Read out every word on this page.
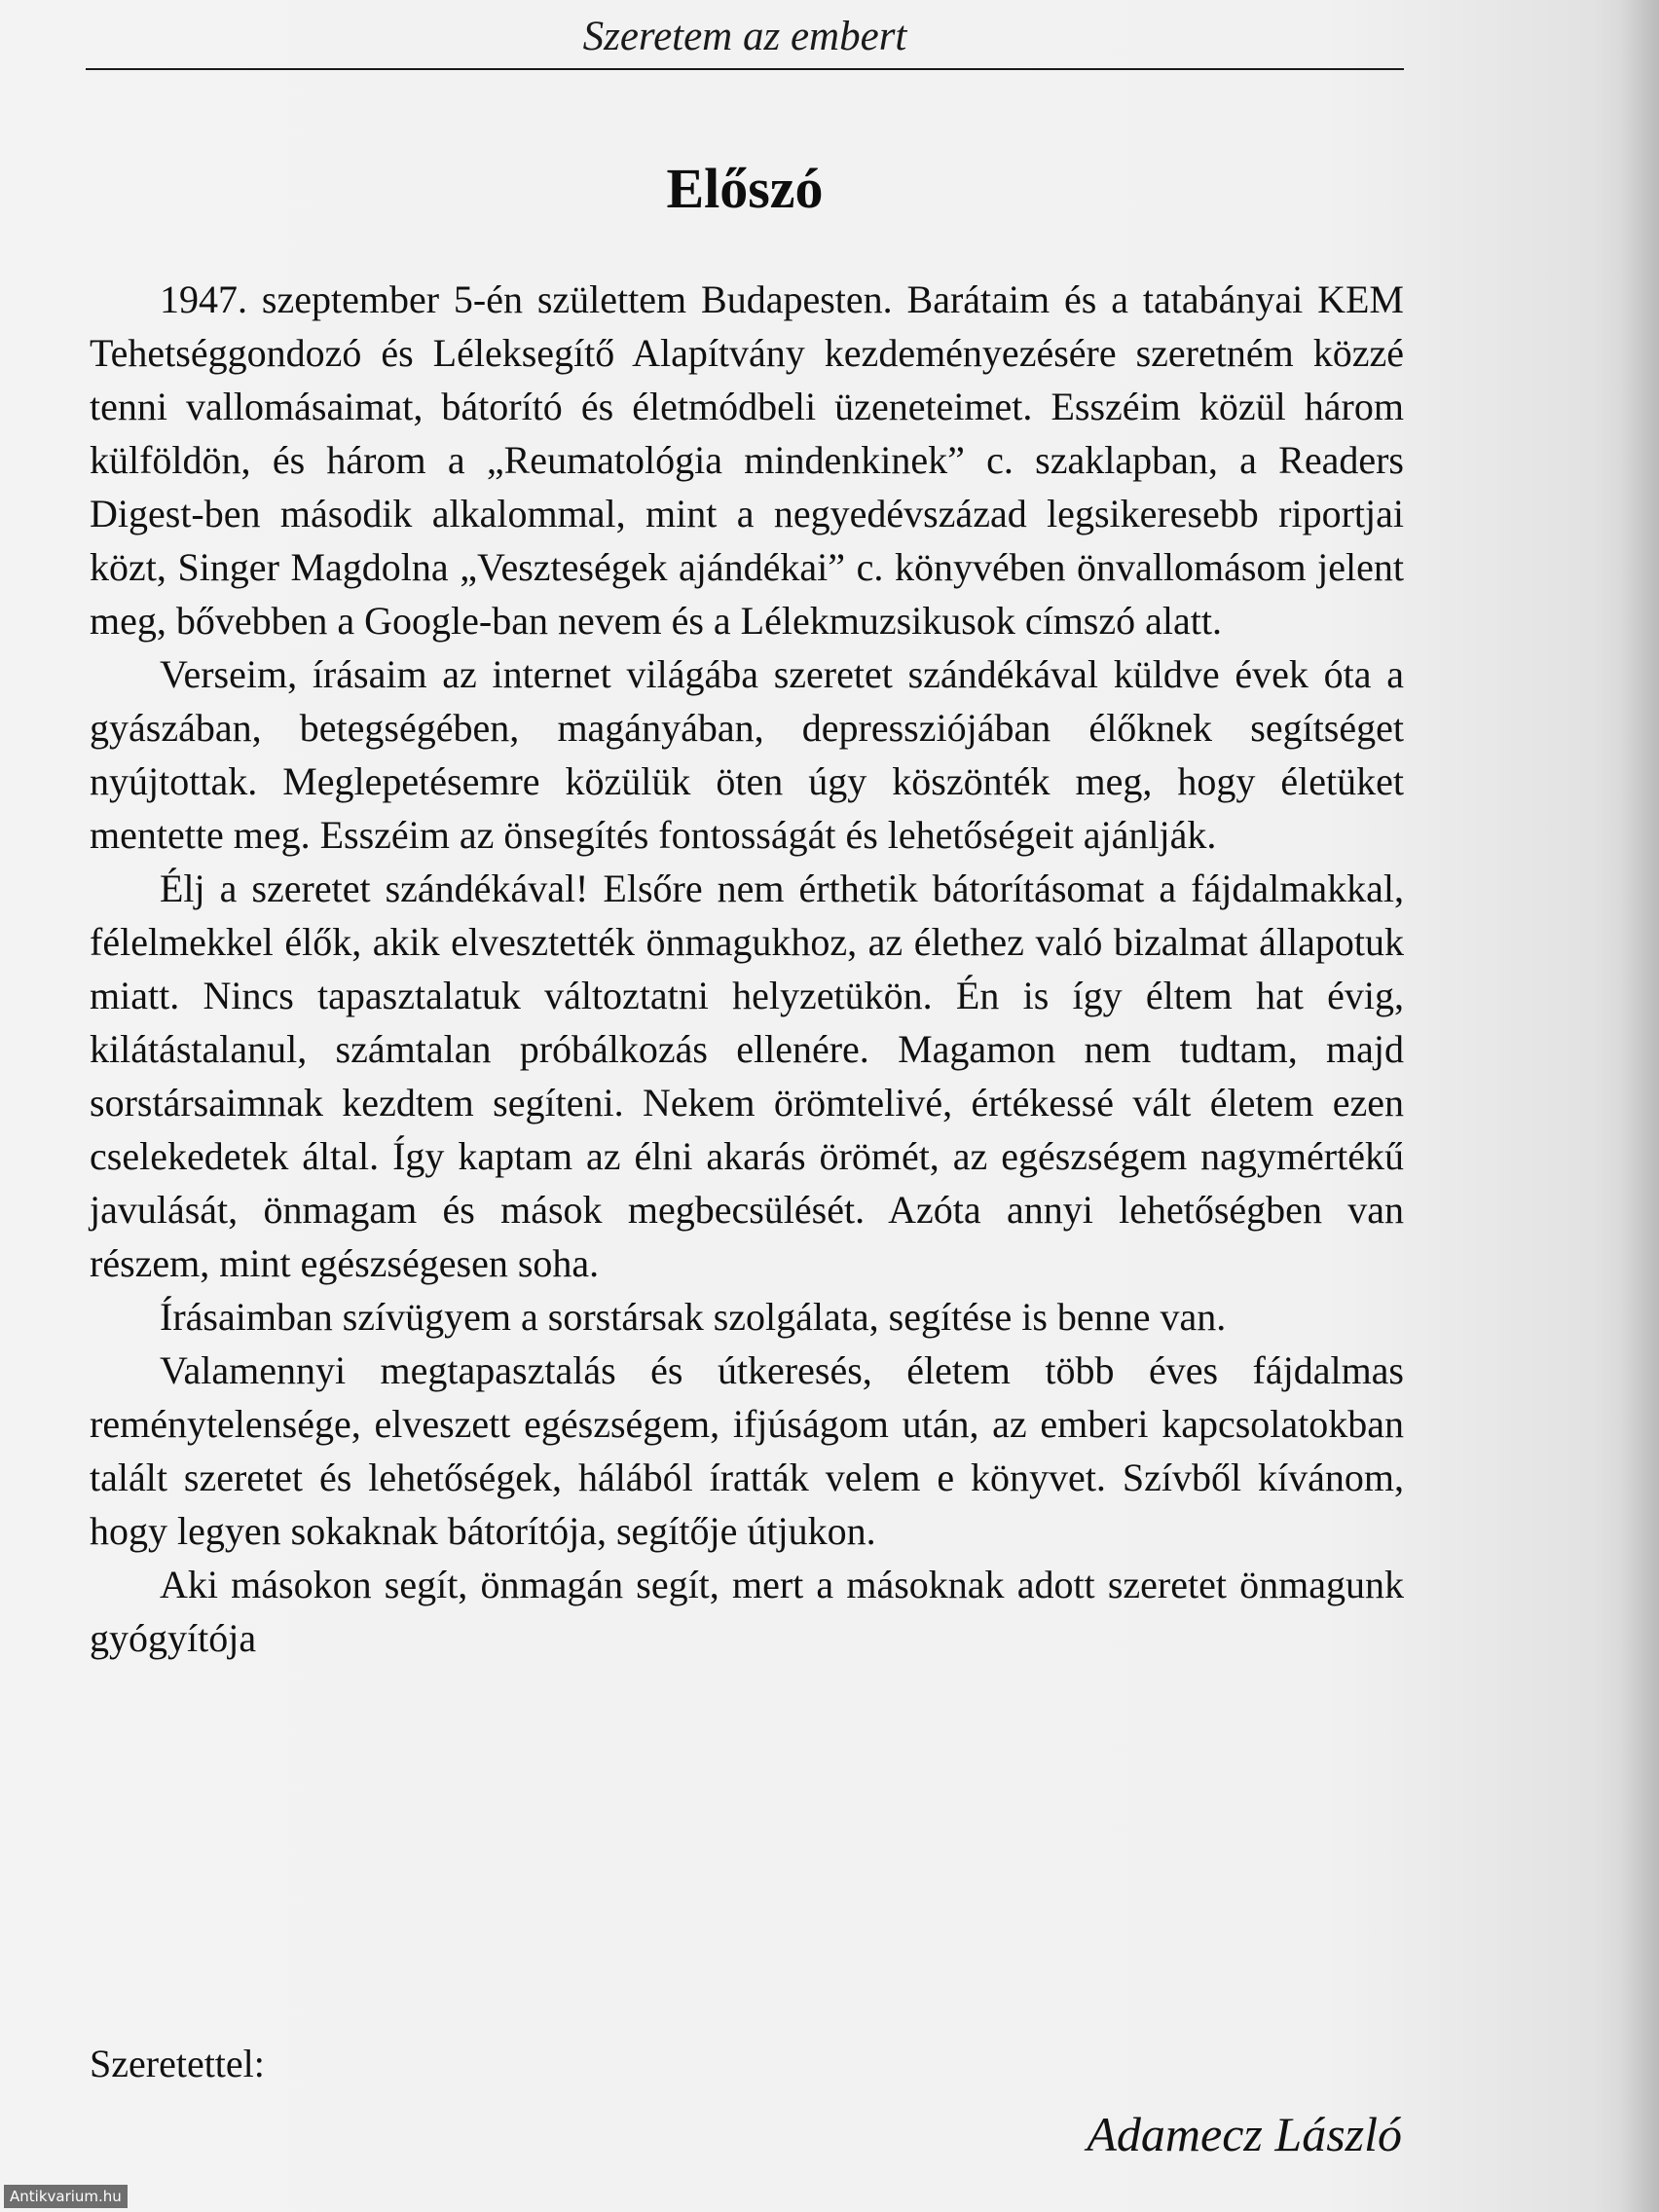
Szeretem az embert
Előszó

1947. szeptember 5-én születtem Budapesten. Barátaim és a tatabányai KEM Tehetséggondozó és Léleksegítő Alapítvány kezdeményezésére szeretném közzé tenni vallomásaimat, bátorító és életmódbeli üzeneteimet. Esszéim közül három külföldön, és három a „Reumatológia mindenkinek” c. szaklapban, a Readers Digest-ben második alkalommal, mint a negyedévszázad legsikeresebb riportjai közt, Singer Magdolna „Veszteségek ajándékai” c. könyvében önvallomásom jelent meg, bővebben a Google-ban nevem és a Lélekmuzsikusok címszó alatt.

Verseim, írásaim az internet világába szeretet szándékával küldve évek óta a gyászában, betegségében, magányában, depressziójában élőknek segítséget nyújtottak. Meglepetésemre közülük öten úgy köszönték meg, hogy életüket mentette meg. Esszéim az önsegítés fontosságát és lehetőségeit ajánlják.

Élj a szeretet szándékával! Elsőre nem érthetik bátorításomat a fájdalmakkal, félelmekkel élők, akik elvesztették önmagukhoz, az élethez való bizalmat állapotuk miatt. Nincs tapasztalatuk változtatni helyzetükön. Én is így éltem hat évig, kilátástalanul, számtalan próbálkozás ellenére. Magamon nem tudtam, majd sorstársaimnak kezdtem segíteni. Nekem örömtelivé, értékessé vált életem ezen cselekedetek által. Így kaptam az élni akarás örömét, az egészségem nagymértékű javulását, önmagam és mások megbecsülését. Azóta annyi lehetőségben van részem, mint egészségesen soha.

Írásaimban szívügyem a sorstársak szolgálata, segítése is benne van.

Valamennyi megtapasztalás és útkeresés, életem több éves fájdalmas reménytelensége, elveszett egészségem, ifjúságom után, az emberi kapcsolatokban talált szeretet és lehetőségek, hálából íratták velem e könyvet. Szívből kívánom, hogy legyen sokaknak bátorítója, segítője útjukon.

Aki másokon segít, önmagán segít, mert a másoknak adott szeretet önmagunk gyógyítója

Szeretettel:
Adamecz László
Antikvarium.hu
